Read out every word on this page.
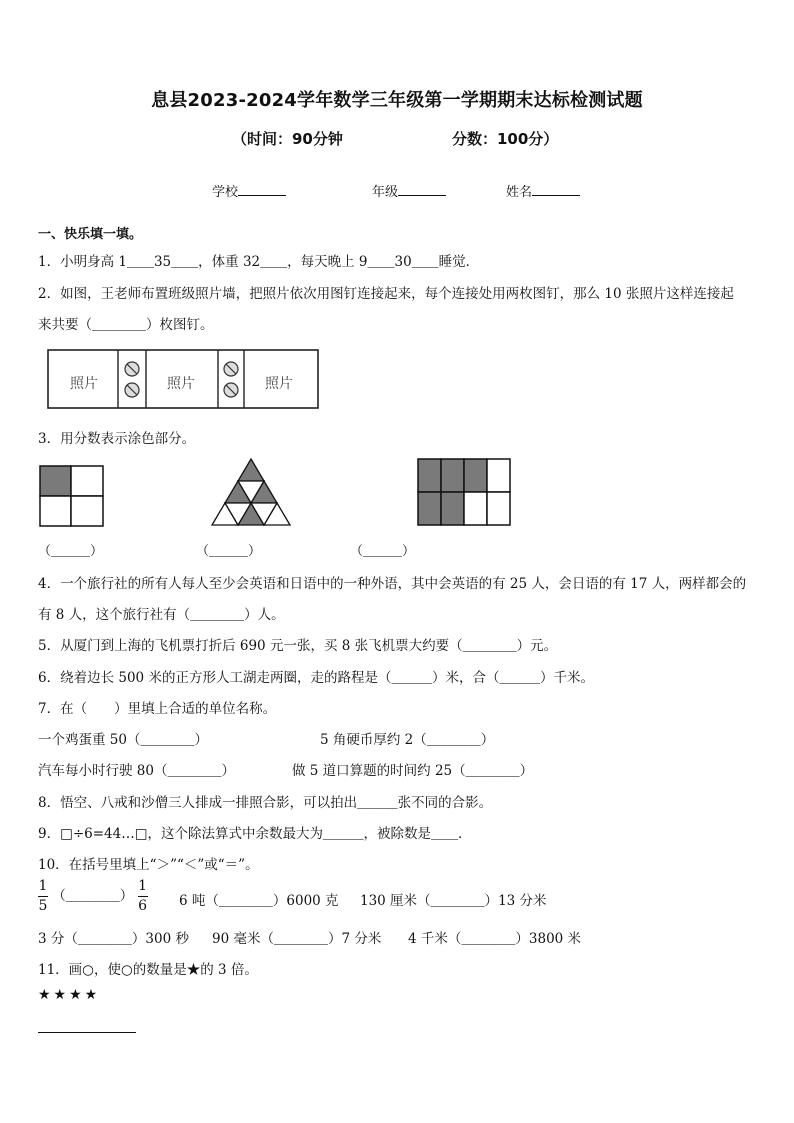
息县2023-2024学年数学三年级第一学期期末达标检测试题
（时间：90分钟	分数：100分）
学校	年级	姓名
一、快乐填一填。
1．小明身高 1＿＿35＿＿，体重 32＿＿，每天晚上 9＿＿30＿＿睡觉．
2．如图，王老师布置班级照片墙，把照片依次用图钉连接起来，每个连接处用两枚图钉，那么 10 张照片这样连接起
来共要（＿＿＿＿）枚图钉。
照片	照片	照片
3．用分数表示涂色部分。
（＿＿＿）	（＿＿＿）	（＿＿＿）
4．一个旅行社的所有人每人至少会英语和日语中的一种外语，其中会英语的有 25 人，会日语的有 17 人，两样都会的
有 8 人，这个旅行社有（＿＿＿＿）人。
5．从厦门到上海的飞机票打折后 690 元一张，买 8 张飞机票大约要（＿＿＿＿）元。
6．绕着边长 500 米的正方形人工湖走两圈，走的路程是（＿＿＿）米，合（＿＿＿）千米。
7．在（　　）里填上合适的单位名称。
一个鸡蛋重 50（＿＿＿＿）	5 角硬币厚约 2（＿＿＿＿）
汽车每小时行驶 80（＿＿＿＿）	做 5 道口算题的时间约 25（＿＿＿＿）
8．悟空、八戒和沙僧三人排成一排照合影，可以拍出＿＿＿张不同的合影。
9．□÷6=44…□，这个除法算式中余数最大为＿＿＿，被除数是＿＿．
10．在括号里填上“＞”“＜”或“＝”。
$\frac{1}{5}$ （＿＿＿＿） $\frac{1}{6} 6$ 吨（＿＿＿＿）6000 克 130 厘米（＿＿＿＿）13 分米
3 分（＿＿＿＿）300 秒 90 毫米（＿＿＿＿）7 分米 4 千米（＿＿＿＿）3800 米
11．画○，使○的数量是★的 3 倍。
★★★★
